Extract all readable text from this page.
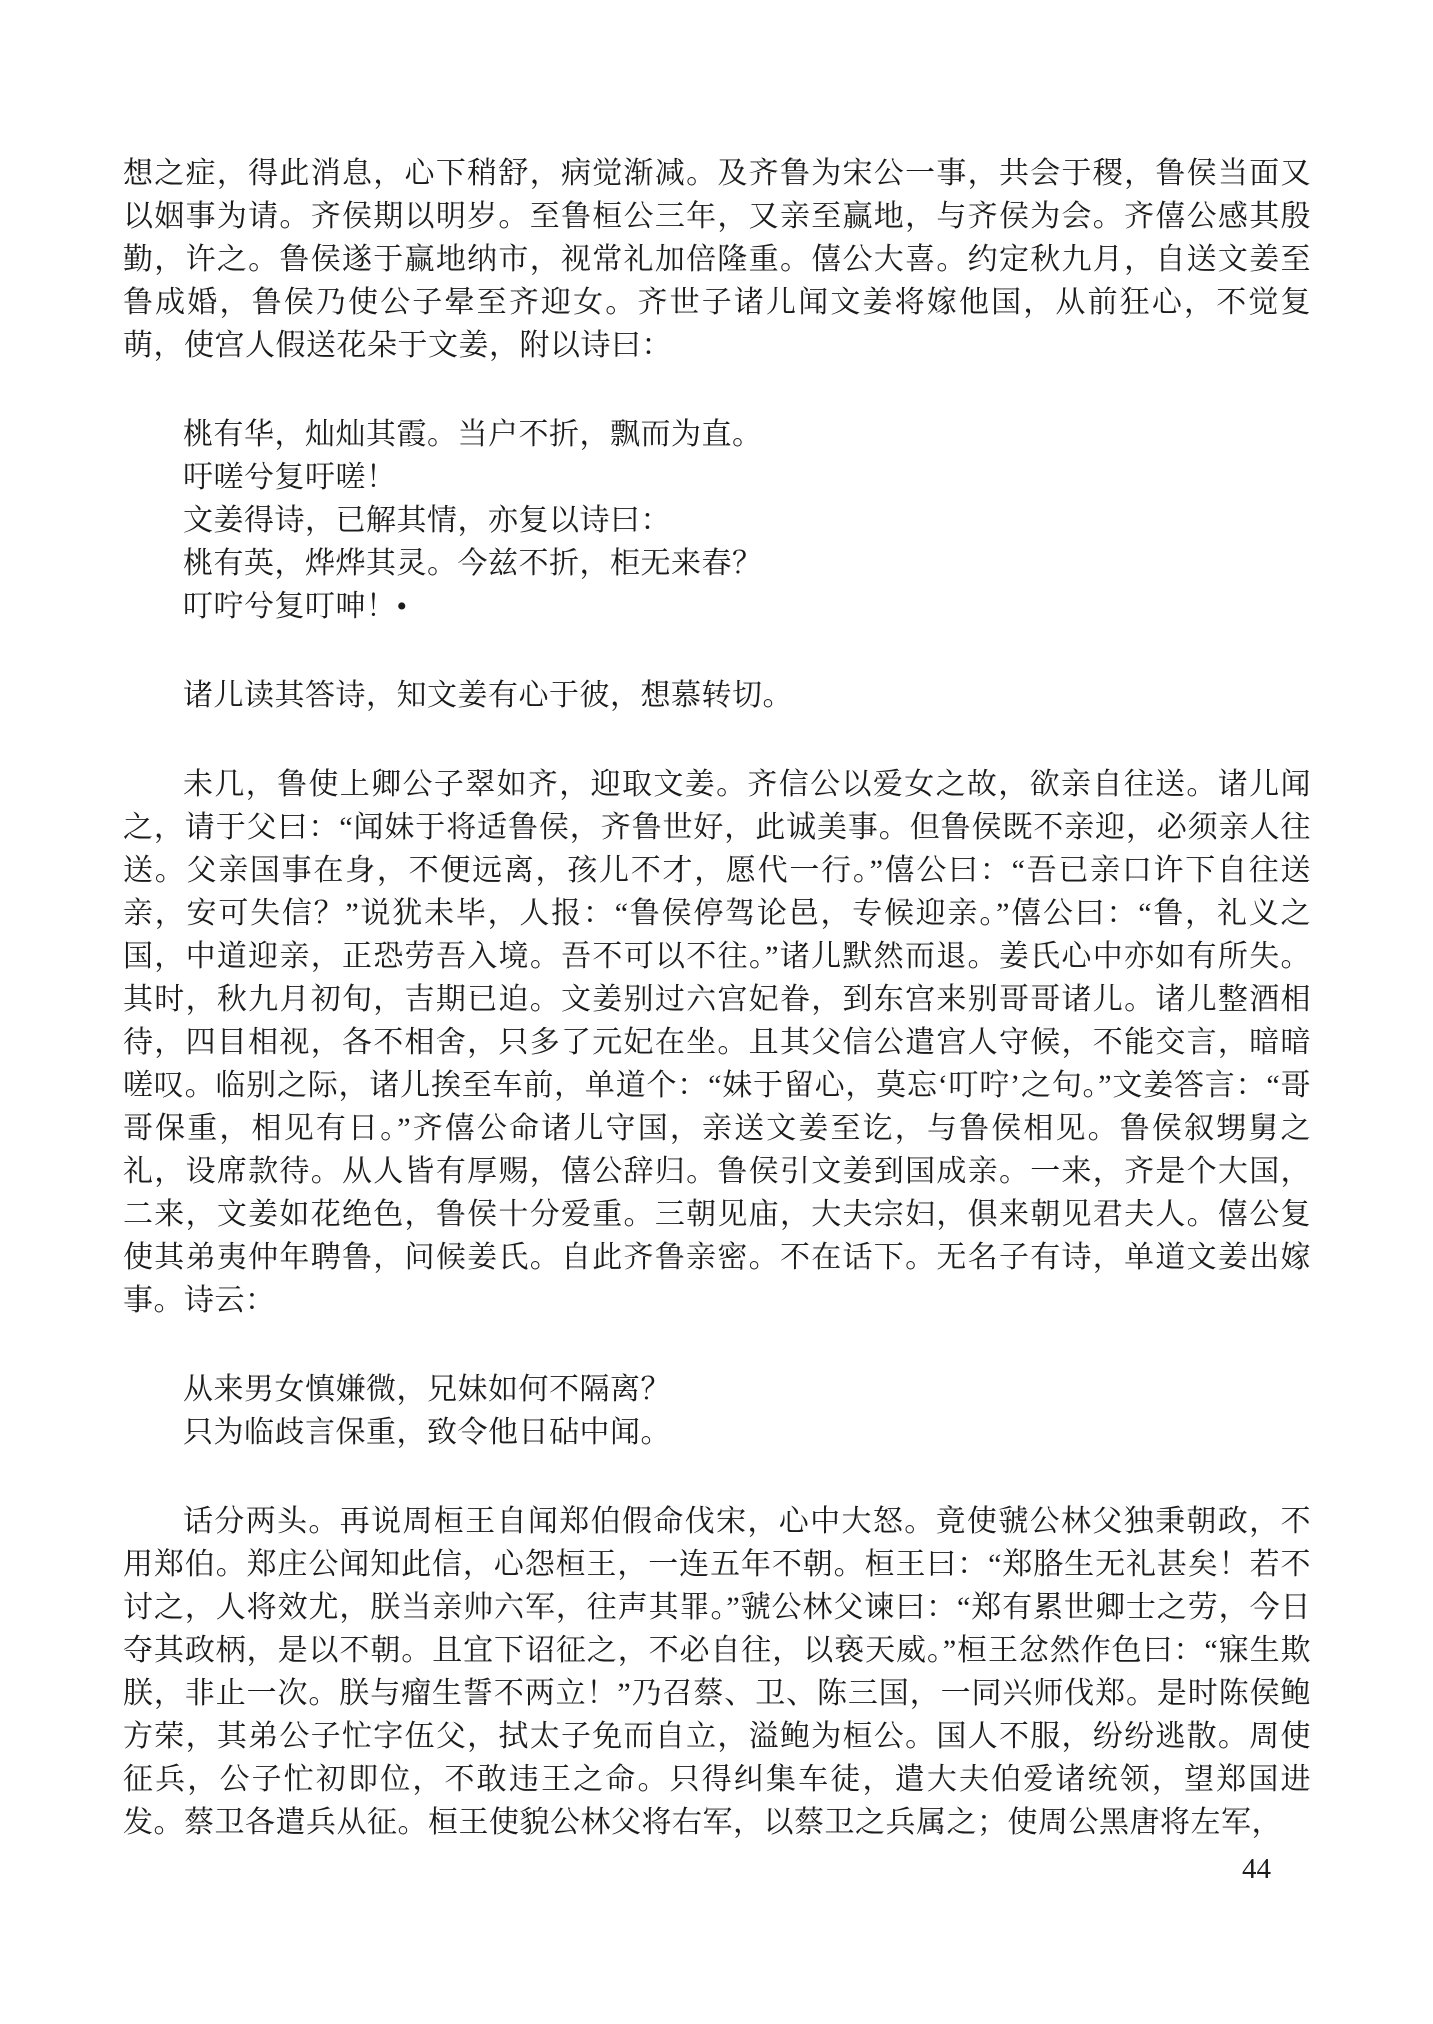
想之症，得此消息，心下稍舒，病觉渐减。及齐鲁为宋公一事，共会于稷，鲁侯当面又以姻事为请。齐侯期以明岁。至鲁桓公三年，又亲至赢地，与齐侯为会。齐僖公感其殷勤，许之。鲁侯遂于赢地纳市，视常礼加倍隆重。僖公大喜。约定秋九月，自送文姜至鲁成婚，鲁侯乃使公子晕至齐迎女。齐世子诸儿闻文姜将嫁他国，从前狂心，不觉复萌，使宫人假送花朵于文姜，附以诗曰：

桃有华，灿灿其霞。当户不折，飘而为直。

吁嗟兮复吁嗟！

文姜得诗，已解其情，亦复以诗曰：

桃有英，烨烨其灵。今兹不折，柜无来春？

叮咛兮复叮呻！•

诸儿读其答诗，知文姜有心于彼，想慕转切。

未几，鲁使上卿公子翠如齐，迎取文姜。齐信公以爱女之故，欲亲自往送。诸儿闻之，请于父曰：“闻妹于将适鲁侯，齐鲁世好，此诚美事。但鲁侯既不亲迎，必须亲人往送。父亲国事在身，不便远离，孩儿不才，愿代一行。”僖公曰：“吾已亲口许下自往送亲，安可失信？”说犹未毕，人报：“鲁侯停驾论邑，专候迎亲。”僖公曰：“鲁，礼义之国，中道迎亲，正恐劳吾入境。吾不可以不往。”诸儿默然而退。姜氏心中亦如有所失。其时，秋九月初旬，吉期已迫。文姜别过六宫妃眷，到东宫来别哥哥诸儿。诸儿整酒相待，四目相视，各不相舍，只多了元妃在坐。且其父信公遣宫人守候，不能交言，暗暗嗟叹。临别之际，诸儿挨至车前，单道个：“妹于留心，莫忘‘叮咛’之句。”文姜答言：“哥哥保重，相见有日。”齐僖公命诸儿守国，亲送文姜至讫，与鲁侯相见。鲁侯叙甥舅之礼，设席款待。从人皆有厚赐，僖公辞归。鲁侯引文姜到国成亲。一来，齐是个大国，二来，文姜如花绝色，鲁侯十分爱重。三朝见庙，大夫宗妇，俱来朝见君夫人。僖公复使其弟夷仲年聘鲁，问候姜氏。自此齐鲁亲密。不在话下。无名子有诗，单道文姜出嫁事。诗云：

从来男女慎嫌微，兄妹如何不隔离？

只为临歧言保重，致令他日砧中闻。

话分两头。再说周桓王自闻郑伯假命伐宋，心中大怒。竟使虢公林父独秉朝政，不用郑伯。郑庄公闻知此信，心怨桓王，一连五年不朝。桓王曰：“郑胳生无礼甚矣！若不讨之，人将效尤，朕当亲帅六军，往声其罪。”虢公林父谏曰：“郑有累世卿士之劳，今日夺其政柄，是以不朝。且宜下诏征之，不必自往，以亵天威。”桓王忿然作色曰：“寐生欺朕，非止一次。朕与瘤生誓不两立！”乃召蔡、卫、陈三国，一同兴师伐郑。是时陈侯鲍方荣，其弟公子忙字伍父，拭太子免而自立，溢鲍为桓公。国人不服，纷纷逃散。周使征兵，公子忙初即位，不敢违王之命。只得纠集车徒，遣大夫伯爱诸统领，望郑国进发。蔡卫各遣兵从征。桓王使貌公林父将右军，以蔡卫之兵属之；使周公黑唐将左军，

44
